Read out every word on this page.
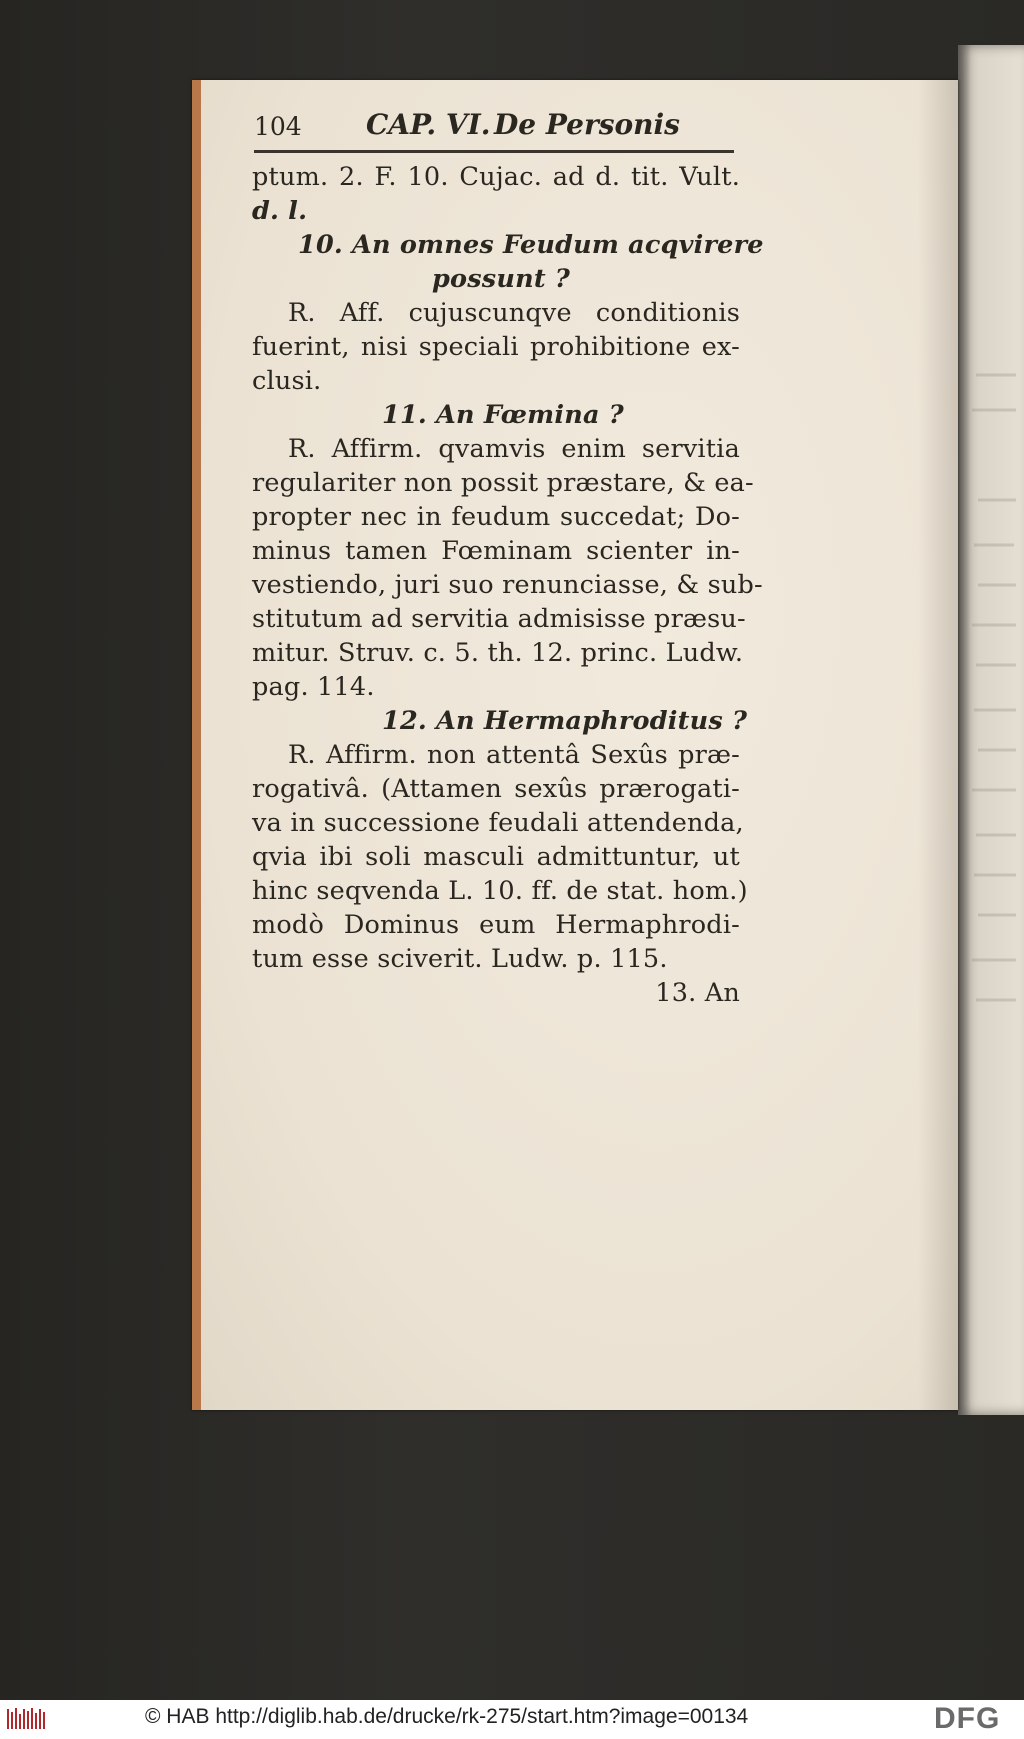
104 CAP. VI. De Personis
ptum. 2. F. 10. Cujac. ad d. tit. Vult.
d. l.
10. An omnes Feudum acqvirere
possunt ?
R. Aff. cujuscunqve conditionis
fuerint, nisi speciali prohibitione ex-
clusi.
11. An Fœmina ?
R. Affirm. qvamvis enim servitia
regulariter non possit præstare, & ea-
propter nec in feudum succedat; Do-
minus tamen Fœminam scienter in-
vestiendo, juri suo renunciasse, & sub-
stitutum ad servitia admisisse præsu-
mitur. Struv. c. 5. th. 12. princ. Ludw.
pag. 114.
12. An Hermaphroditus ?
R. Affirm. non attentâ Sexûs præ-
rogativâ. (Attamen sexûs prærogati-
va in successione feudali attendenda,
qvia ibi soli masculi admittuntur, ut
hinc seqvenda L. 10. ff. de stat. hom.)
modò Dominus eum Hermaphrodi-
tum esse sciverit. Ludw. p. 115.
13. An
© HAB http://diglib.hab.de/drucke/rk-275/start.htm?image=00134	DFG
